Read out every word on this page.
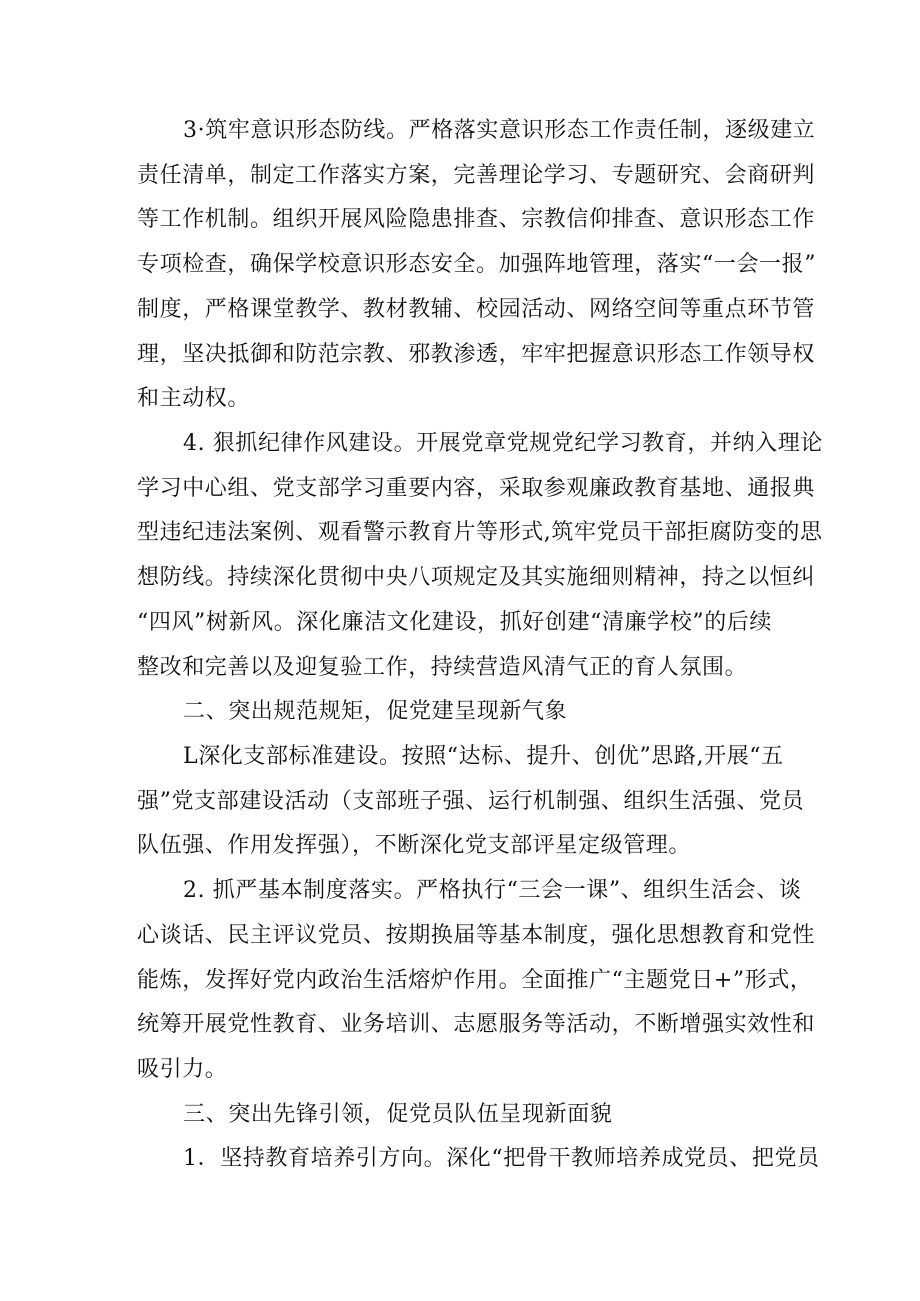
3·筑牢意识形态防线。严格落实意识形态工作责任制，逐级建立
责任清单，制定工作落实方案，完善理论学习、专题研究、会商研判
等工作机制。组织开展风险隐患排查、宗教信仰排查、意识形态工作
专项检查，确保学校意识形态安全。加强阵地管理，落实“一会一报”
制度，严格课堂教学、教材教辅、校园活动、网络空间等重点环节管
理，坚决抵御和防范宗教、邪教渗透，牢牢把握意识形态工作领导权
和主动权。
4. 狠抓纪律作风建设。开展党章党规党纪学习教育，并纳入理论
学习中心组、党支部学习重要内容，采取参观廉政教育基地、通报典
型违纪违法案例、观看警示教育片等形式,筑牢党员干部拒腐防变的思
想防线。持续深化贯彻中央八项规定及其实施细则精神，持之以恒纠
“四风”树新风。深化廉洁文化建设，抓好创建“清廉学校”的后续
整改和完善以及迎复验工作，持续营造风清气正的育人氛围。
二、突出规范规矩，促党建呈现新气象
L深化支部标准建设。按照“达标、提升、创优”思路,开展“五
强”党支部建设活动（支部班子强、运行机制强、组织生活强、党员
队伍强、作用发挥强），不断深化党支部评星定级管理。
2. 抓严基本制度落实。严格执行“三会一课”、组织生活会、谈
心谈话、民主评议党员、按期换届等基本制度，强化思想教育和党性
能炼，发挥好党内政治生活熔炉作用。全面推广“主题党日+”形式，
统筹开展党性教育、业务培训、志愿服务等活动，不断增强实效性和
吸引力。
三、突出先锋引领，促党员队伍呈现新面貌
1．坚持教育培养引方向。深化“把骨干教师培养成党员、把党员
